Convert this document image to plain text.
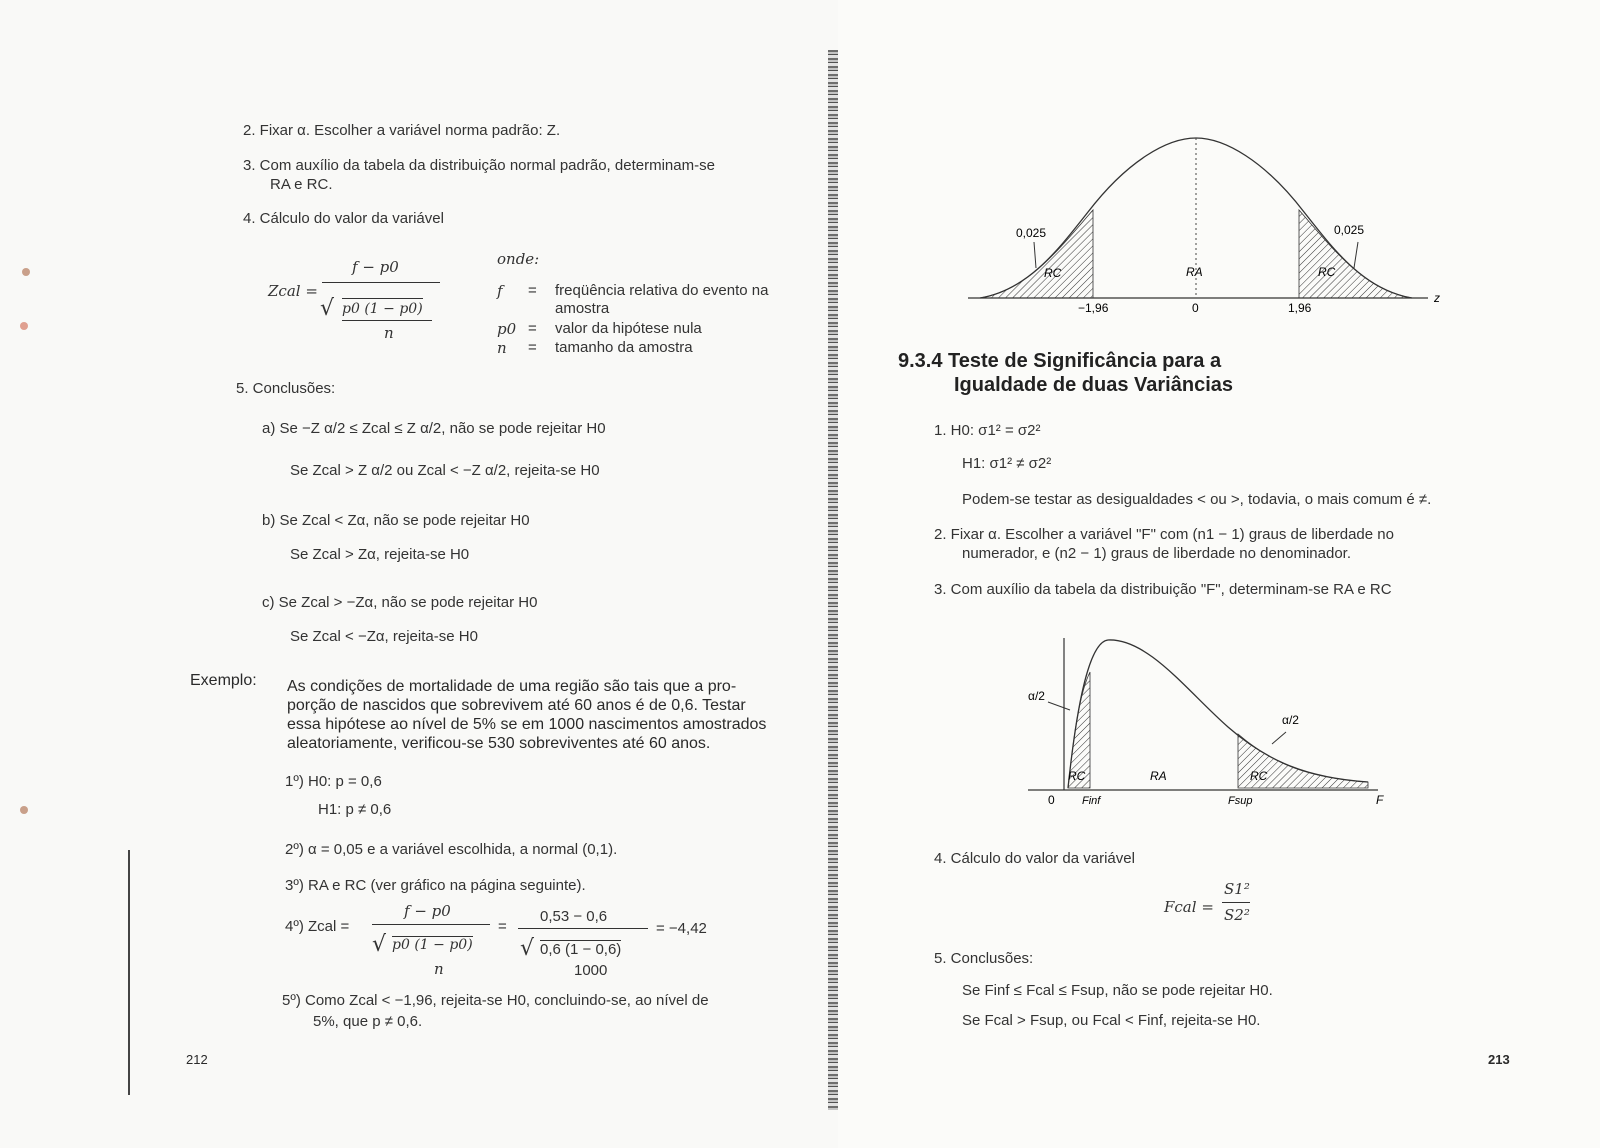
2. Fixar α. Escolher a variável norma padrão: Z.
3. Com auxílio da tabela da distribuição normal padrão, determinam-se
RA e RC.
4. Cálculo do valor da variável
Zcal =
f − p0
√ p0 (1 − p0)
n
onde:
f = freqüência relativa do evento na
amostra
p0 = valor da hipótese nula
n = tamanho da amostra
5. Conclusões:
a) Se −Z α/2 ≤ Zcal ≤ Z α/2, não se pode rejeitar H0
Se Zcal > Z α/2 ou Zcal < −Z α/2, rejeita-se H0
b) Se Zcal < Zα, não se pode rejeitar H0
Se Zcal > Zα, rejeita-se H0
c) Se Zcal > −Zα, não se pode rejeitar H0
Se Zcal < −Zα, rejeita-se H0
Exemplo: As condições de mortalidade de uma região são tais que a pro-
porção de nascidos que sobrevivem até 60 anos é de 0,6. Testar
essa hipótese ao nível de 5% se em 1000 nascimentos amostrados
aleatoriamente, verificou-se 530 sobreviventes até 60 anos.
1º) H0: p = 0,6
H1: p ≠ 0,6
2º) α = 0,05 e a variável escolhida, a normal (0,1).
3º) RA e RC (ver gráfico na página seguinte).
4º) Zcal =
f − p0
√ p0 (1 − p0)
n
=
0,53 − 0,6
√ 0,6 (1 − 0,6)
1000
= −4,42
5º) Como Zcal < −1,96, rejeita-se H0, concluindo-se, ao nível de
5%, que p ≠ 0,6.
212
0,025	0,025
RC	RA	RC
−1,96	0	1,96
z
9.3.4 Teste de Significância para a
Igualdade de duas Variâncias
1. H0: σ1² = σ2²
H1: σ1² ≠ σ2²
Podem-se testar as desigualdades < ou >, todavia, o mais comum é ≠.
2. Fixar α. Escolher a variável "F" com (n1 − 1) graus de liberdade no
numerador, e (n2 − 1) graus de liberdade no denominador.
3. Com auxílio da tabela da distribuição "F", determinam-se RA e RC
α/2
α/2
RC	RA	RC
0 Finf	Fsup	F
4. Cálculo do valor da variável
Fcal =
S1²
S2²
5. Conclusões:
Se Finf ≤ Fcal ≤ Fsup, não se pode rejeitar H0.
Se Fcal > Fsup, ou Fcal < Finf, rejeita-se H0.
213
